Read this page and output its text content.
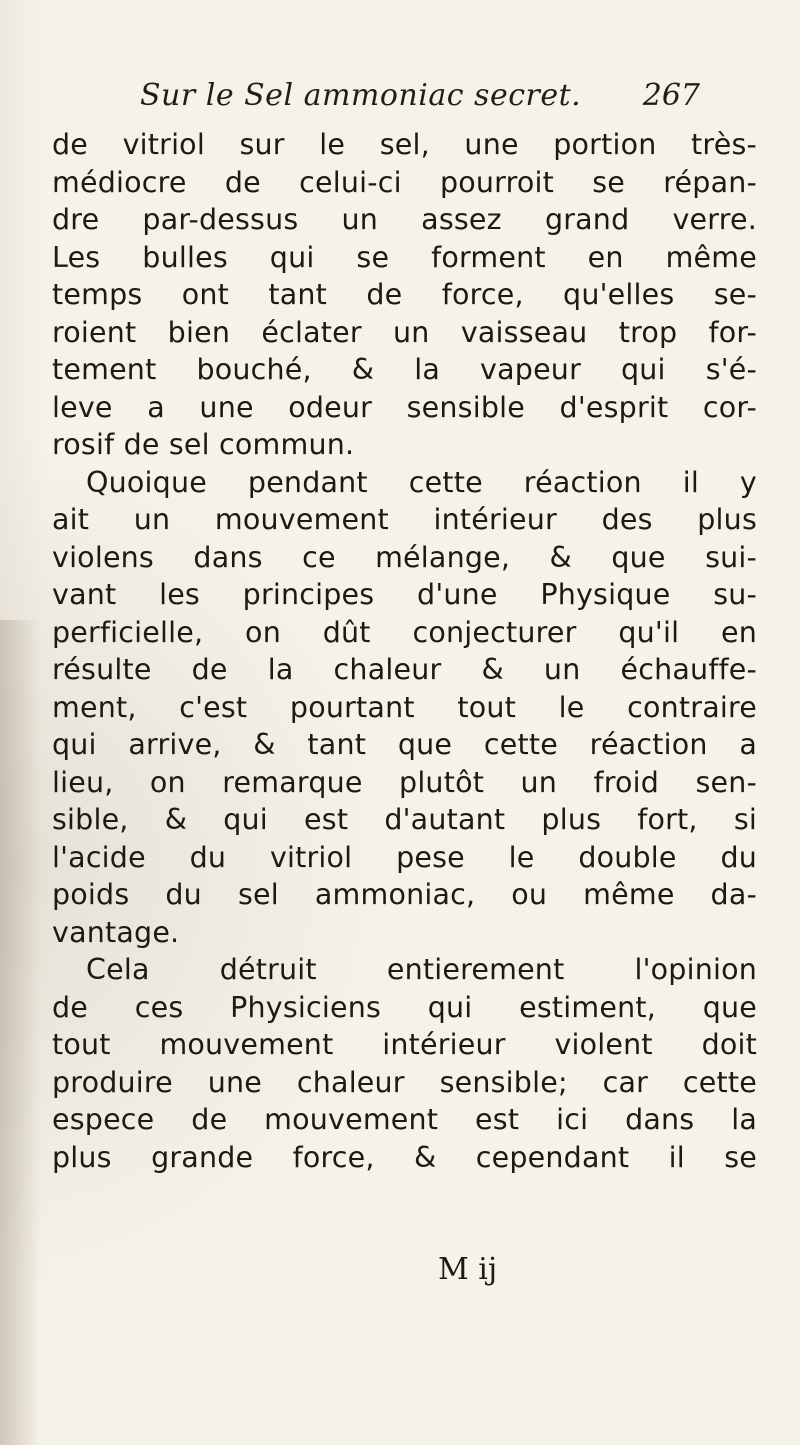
Sur le Sel ammoniac secret. 267
de vitriol sur le sel, une portion très-
médiocre de celui-ci pourroit se répan-
dre par-dessus un assez grand verre.
Les bulles qui se forment en même
temps ont tant de force, qu'elles se-
roient bien éclater un vaisseau trop for-
tement bouché, & la vapeur qui s'é-
leve a une odeur sensible d'esprit cor-
rosif de sel commun.
Quoique pendant cette réaction il y
ait un mouvement intérieur des plus
violens dans ce mélange, & que sui-
vant les principes d'une Physique su-
perficielle, on dût conjecturer qu'il en
résulte de la chaleur & un échauffe-
ment, c'est pourtant tout le contraire
qui arrive, & tant que cette réaction a
lieu, on remarque plutôt un froid sen-
sible, & qui est d'autant plus fort, si
l'acide du vitriol pese le double du
poids du sel ammoniac, ou même da-
vantage.
Cela détruit entierement l'opinion
de ces Physiciens qui estiment, que
tout mouvement intérieur violent doit
produire une chaleur sensible; car cette
espece de mouvement est ici dans la
plus grande force, & cependant il se
M ij
